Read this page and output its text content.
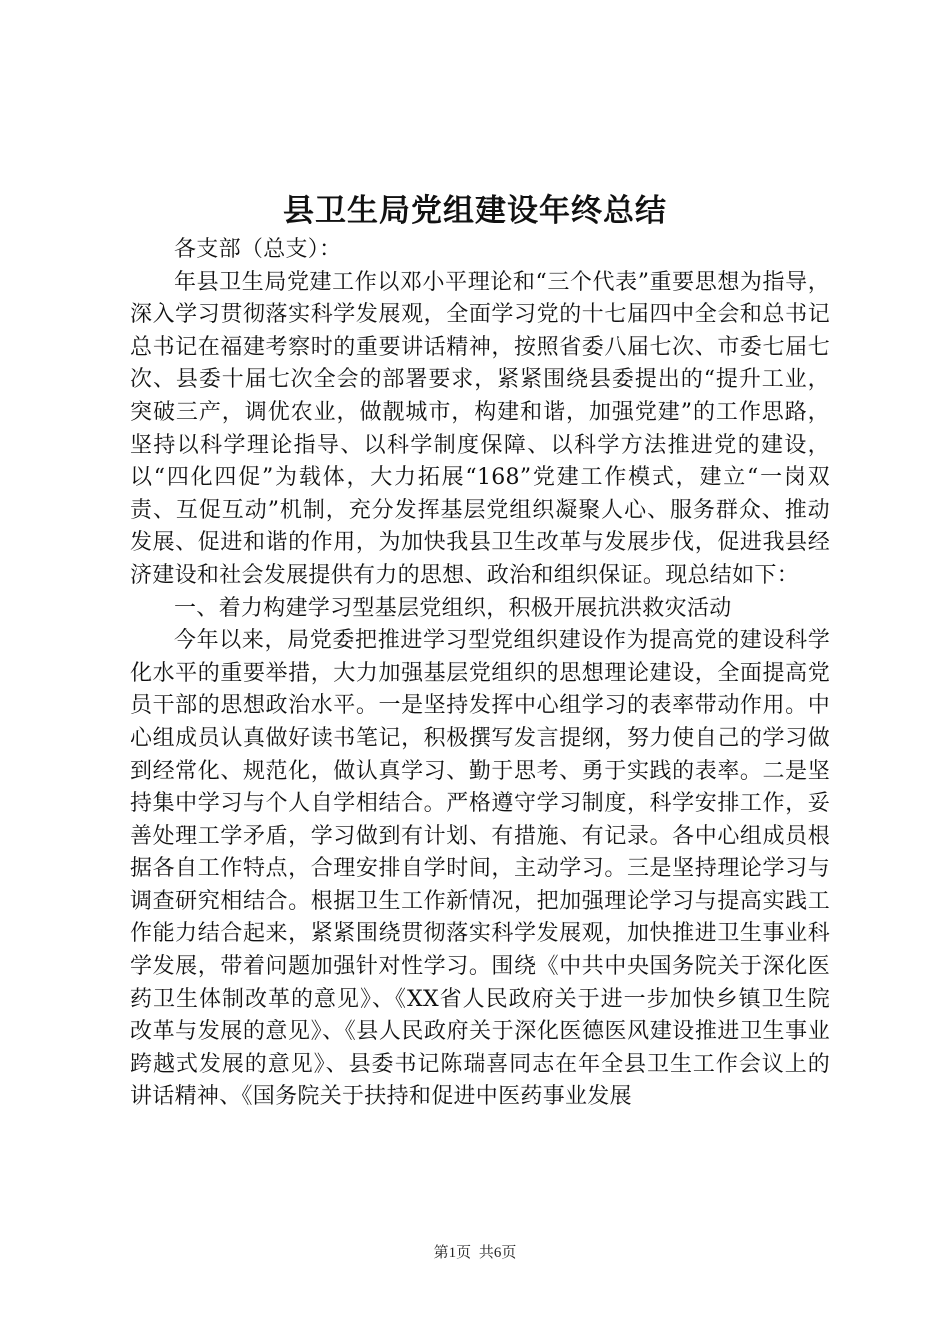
县卫生局党组建设年终总结

各支部（总支）：

年县卫生局党建工作以邓小平理论和“三个代表”重要思想为指导，深入学习贯彻落实科学发展观，全面学习党的十七届四中全会和总书记总书记在福建考察时的重要讲话精神，按照省委八届七次、市委七届七次、县委十届七次全会的部署要求，紧紧围绕县委提出的“提升工业，突破三产，调优农业，做靓城市，构建和谐，加强党建”的工作思路，坚持以科学理论指导、以科学制度保障、以科学方法推进党的建设，以“四化四促”为载体，大力拓展“168”党建工作模式，建立“一岗双责、互促互动”机制，充分发挥基层党组织凝聚人心、服务群众、推动发展、促进和谐的作用，为加快我县卫生改革与发展步伐，促进我县经济建设和社会发展提供有力的思想、政治和组织保证。现总结如下：

一、着力构建学习型基层党组织，积极开展抗洪救灾活动

今年以来，局党委把推进学习型党组织建设作为提高党的建设科学化水平的重要举措，大力加强基层党组织的思想理论建设，全面提高党员干部的思想政治水平。一是坚持发挥中心组学习的表率带动作用。中心组成员认真做好读书笔记，积极撰写发言提纲，努力使自己的学习做到经常化、规范化，做认真学习、勤于思考、勇于实践的表率。二是坚持集中学习与个人自学相结合。严格遵守学习制度，科学安排工作，妥善处理工学矛盾，学习做到有计划、有措施、有记录。各中心组成员根据各自工作特点，合理安排自学时间，主动学习。三是坚持理论学习与调查研究相结合。根据卫生工作新情况，把加强理论学习与提高实践工作能力结合起来，紧紧围绕贯彻落实科学发展观，加快推进卫生事业科学发展，带着问题加强针对性学习。围绕《中共中央国务院关于深化医药卫生体制改革的意见》、《XX省人民政府关于进一步加快乡镇卫生院改革与发展的意见》、《县人民政府关于深化医德医风建设推进卫生事业跨越式发展的意见》、县委书记陈瑞喜同志在年全县卫生工作会议上的讲话精神、《国务院关于扶持和促进中医药事业发展

第1页 共6页
